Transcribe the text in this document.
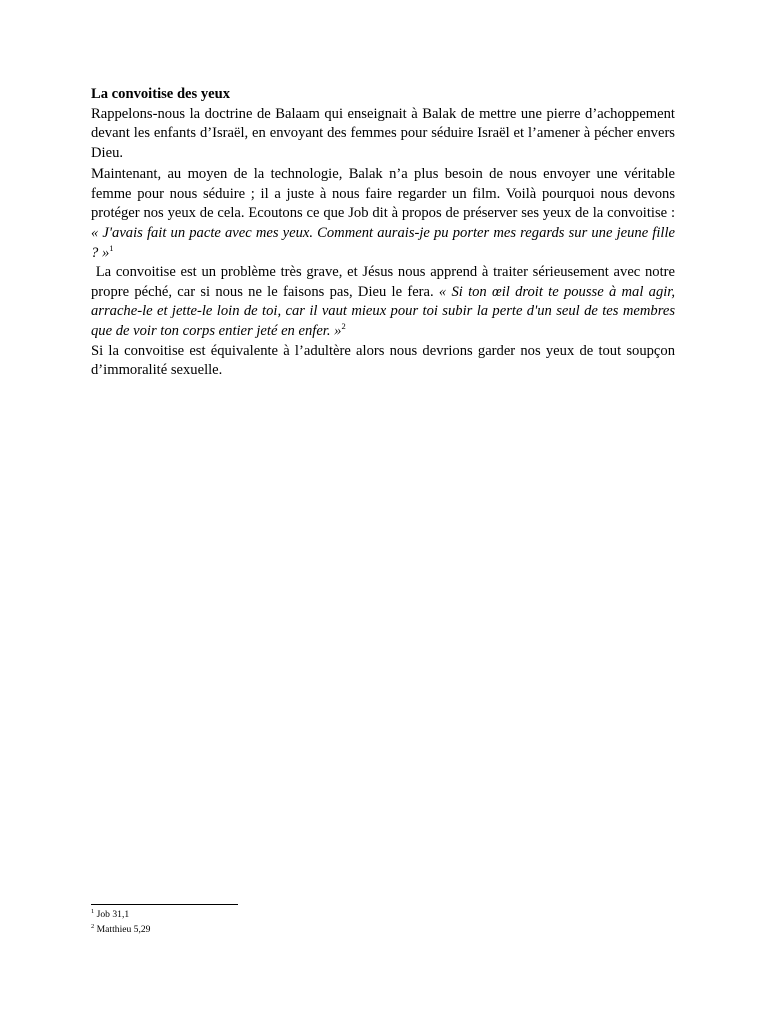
La convoitise des yeux

Rappelons-nous la doctrine de Balaam qui enseignait à Balak de mettre une pierre d’achoppement devant les enfants d’Israël, en envoyant des femmes pour séduire Israël et l’amener à pécher envers Dieu.

Maintenant, au moyen de la technologie, Balak n’a plus besoin de nous envoyer une véritable femme pour nous séduire ; il a juste à nous faire regarder un film. Voilà pourquoi nous devons protéger nos yeux de cela. Ecoutons ce que Job dit à propos de préserver ses yeux de la convoitise : « J'avais fait un pacte avec mes yeux. Comment aurais-je pu porter mes regards sur une jeune fille ? »$^1$

La convoitise est un problème très grave, et Jésus nous apprend à traiter sérieusement avec notre propre péché, car si nous ne le faisons pas, Dieu le fera. « Si ton œil droit te pousse à mal agir, arrache-le et jette-le loin de toi, car il vaut mieux pour toi subir la perte d'un seul de tes membres que de voir ton corps entier jeté en enfer. »$^2$

Si la convoitise est équivalente à l’adultère alors nous devrions garder nos yeux de tout soupçon d’immoralité sexuelle.

$^1$ Job 31,1

$^2$ Matthieu 5,29
